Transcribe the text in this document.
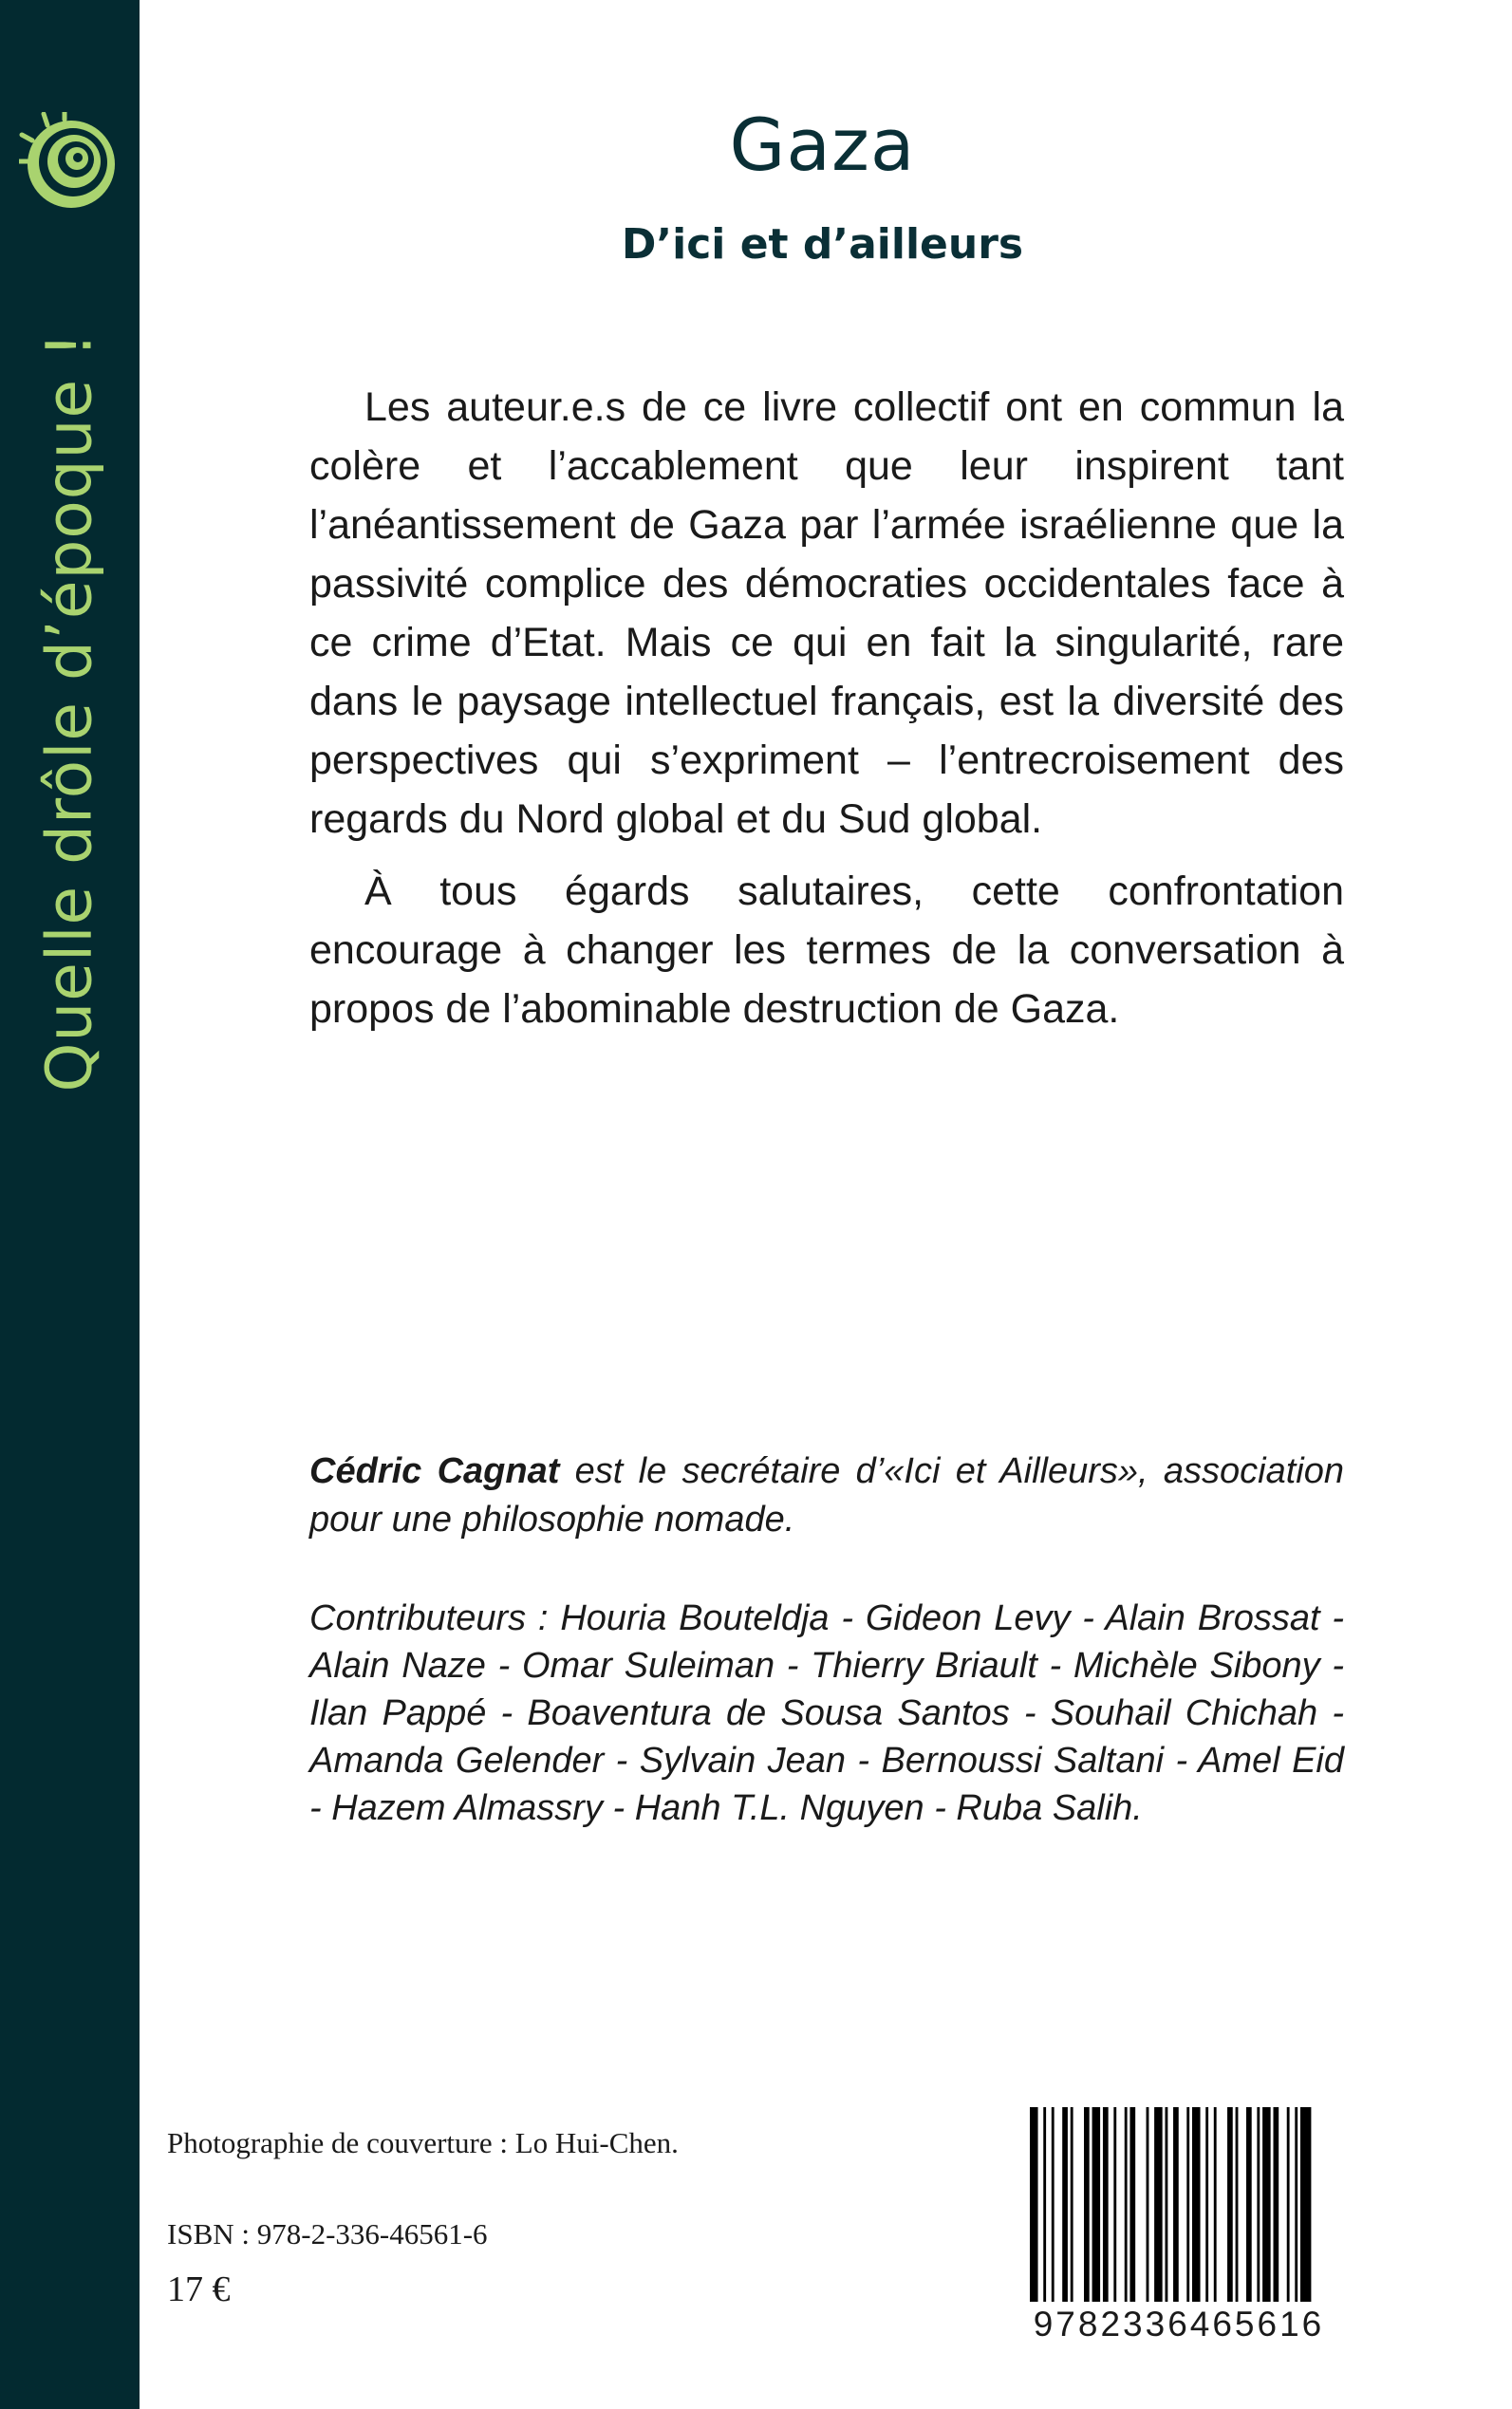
Quelle drôle d’époque !
Gaza
D’ici et d’ailleurs

Les auteur.e.s de ce livre collectif ont en commun la colère et l’accablement que leur inspirent tant l’anéantissement de Gaza par l’armée israélienne que la passivité complice des démocraties occidentales face à ce crime d’Etat. Mais ce qui en fait la singularité, rare dans le paysage intellectuel français, est la diversité des perspectives qui s’expriment – l’entrecroisement des regards du Nord global et du Sud global.

À tous égards salutaires, cette confrontation encourage à changer les termes de la conversation à propos de l’abominable destruction de Gaza.

Cédric Cagnat est le secrétaire d’«Ici et Ailleurs», association pour une philosophie nomade.

Contributeurs : Houria Bouteldja - Gideon Levy - Alain Brossat - Alain Naze - Omar Suleiman - Thierry Briault - Michèle Sibony - Ilan Pappé - Boaventura de Sousa Santos - Souhail Chichah - Amanda Gelender - Sylvain Jean - Bernoussi Saltani - Amel Eid - Hazem Almassry - Hanh T.L. Nguyen - Ruba Salih.

Photographie de couverture : Lo Hui-Chen.
ISBN : 978-2-336-46561-6
17 €
9782336465616
